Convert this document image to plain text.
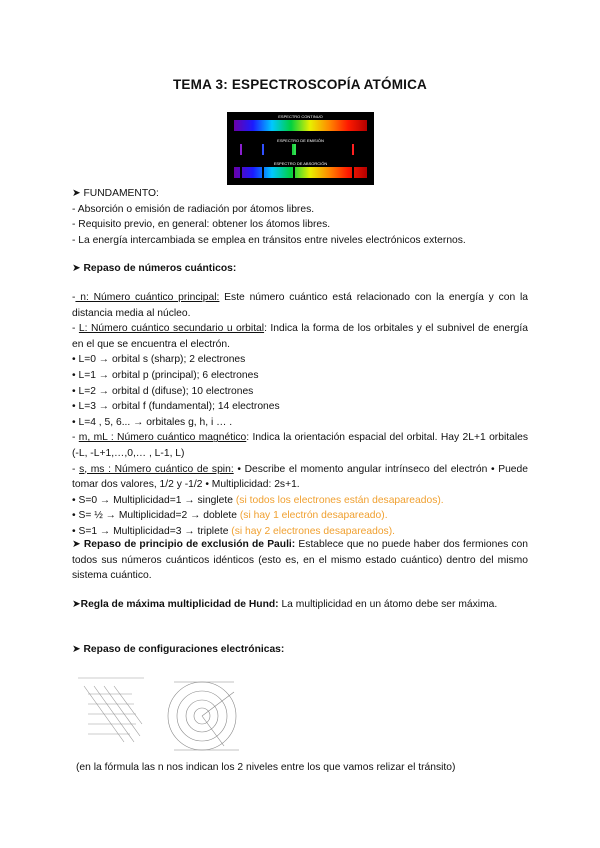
TEMA 3: ESPECTROSCOPÍA ATÓMICA
ESPECTRO CONTINUO
ESPECTRO DE EMISIÓN
ESPECTRO DE ABSORCIÓN
➤ FUNDAMENTO:
- Absorción o emisión de radiación por átomos libres.
- Requisito previo, en general: obtener los átomos libres.
- La energía intercambiada se emplea en tránsitos entre niveles electrónicos externos.
➤ Repaso de números cuánticos:
- n: Número cuántico principal: Este número cuántico está relacionado con la energía y con la distancia media al núcleo.
- L: Número cuántico secundario u orbital: Indica la forma de los orbitales y el subnivel de energía en el que se encuentra el electrón.
• L=0 → orbital s (sharp); 2 electrones
• L=1 → orbital p (principal); 6 electrones
• L=2 → orbital d (difuse); 10 electrones
• L=3 → orbital f (fundamental); 14 electrones
• L=4 , 5, 6... → orbitales g, h, i … .
- m, mL : Número cuántico magnético: Indica la orientación espacial del orbital. Hay 2L+1 orbitales (-L, -L+1,…,0,… , L-1, L)
- s, ms : Número cuántico de spin: • Describe el momento angular intrínseco del electrón • Puede tomar dos valores, 1/2 y -1/2 • Multiplicidad: 2s+1.
• S=0 → Multiplicidad=1 → singlete (si todos los electrones están desapareados).
• S= ½ → Multiplicidad=2 → doblete (si hay 1 electrón desapareado).
• S=1 → Multiplicidad=3 → triplete (si hay 2 electrones desapareados).
➤ Repaso de principio de exclusión de Pauli: Establece que no puede haber dos fermiones con todos sus números cuánticos idénticos (esto es, en el mismo estado cuántico) dentro del mismo sistema cuántico.
➤Regla de máxima multiplicidad de Hund: La multiplicidad en un átomo debe ser máxima.
➤ Repaso de configuraciones electrónicas:
(en la fórmula las n nos indican los 2 niveles entre los que vamos relizar el tránsito)
